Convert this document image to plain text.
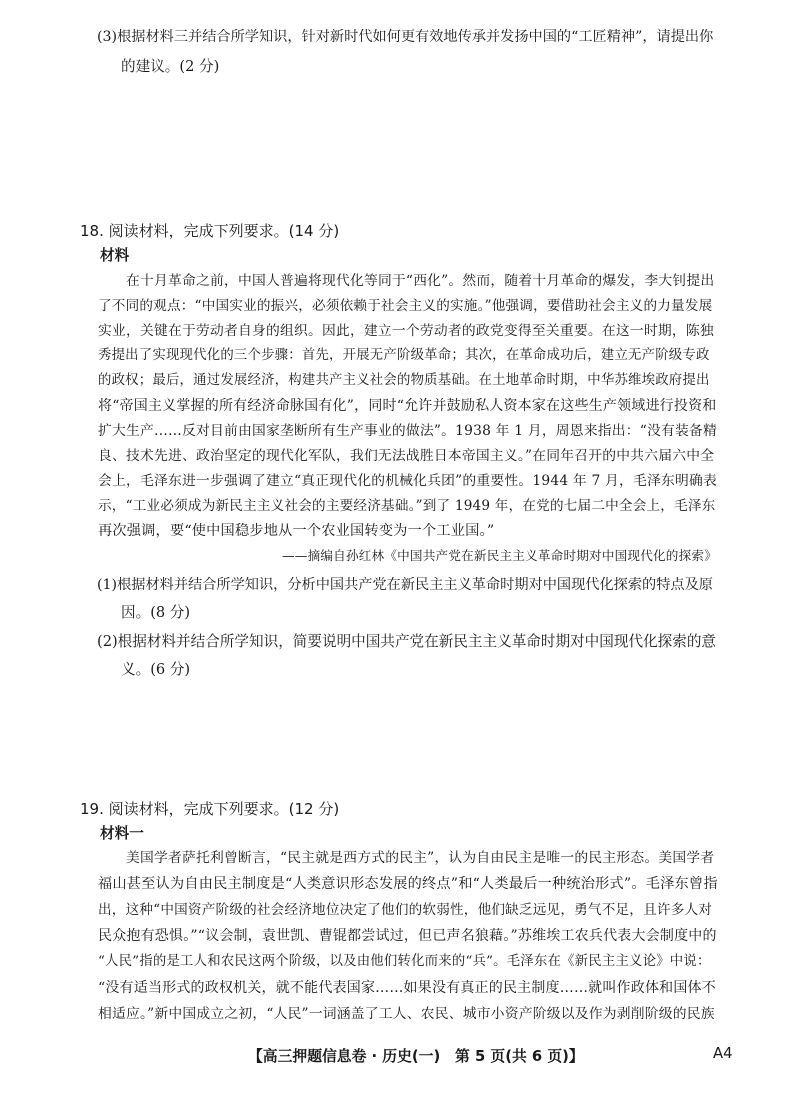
(3)根据材料三并结合所学知识，针对新时代如何更有效地传承并发扬中国的“工匠精神”，请提出你
的建议。(2 分)
18. 阅读材料，完成下列要求。(14 分)
材料
在十月革命之前，中国人普遍将现代化等同于“西化”。然而，随着十月革命的爆发，李大钊提出
了不同的观点：“中国实业的振兴，必须依赖于社会主义的实施。”他强调，要借助社会主义的力量发展
实业，关键在于劳动者自身的组织。因此，建立一个劳动者的政党变得至关重要。在这一时期，陈独
秀提出了实现现代化的三个步骤：首先，开展无产阶级革命；其次，在革命成功后，建立无产阶级专政
的政权；最后，通过发展经济，构建共产主义社会的物质基础。在土地革命时期，中华苏维埃政府提出
将“帝国主义掌握的所有经济命脉国有化”，同时“允许并鼓励私人资本家在这些生产领域进行投资和
扩大生产……反对目前由国家垄断所有生产事业的做法”。1938 年 1 月，周恩来指出：“没有装备精
良、技术先进、政治坚定的现代化军队，我们无法战胜日本帝国主义。”在同年召开的中共六届六中全
会上，毛泽东进一步强调了建立“真正现代化的机械化兵团”的重要性。1944 年 7 月，毛泽东明确表
示，“工业必须成为新民主主义社会的主要经济基础。”到了 1949 年，在党的七届二中全会上，毛泽东
再次强调，要“使中国稳步地从一个农业国转变为一个工业国。”
——摘编自孙红林《中国共产党在新民主主义革命时期对中国现代化的探索》
(1)根据材料并结合所学知识，分析中国共产党在新民主主义革命时期对中国现代化探索的特点及原
因。(8 分)
(2)根据材料并结合所学知识，简要说明中国共产党在新民主主义革命时期对中国现代化探索的意
义。(6 分)
19. 阅读材料，完成下列要求。(12 分)
材料一
美国学者萨托利曾断言，“民主就是西方式的民主”，认为自由民主是唯一的民主形态。美国学者
福山甚至认为自由民主制度是“人类意识形态发展的终点”和“人类最后一种统治形式”。毛泽东曾指
出，这种“中国资产阶级的社会经济地位决定了他们的软弱性，他们缺乏远见，勇气不足，且许多人对
民众抱有恐惧。”“议会制，袁世凯、曹锟都尝试过，但已声名狼藉。”苏维埃工农兵代表大会制度中的
“人民”指的是工人和农民这两个阶级，以及由他们转化而来的“兵”。毛泽东在《新民主主义论》中说：
“没有适当形式的政权机关，就不能代表国家……如果没有真正的民主制度……就叫作政体和国体不
相适应。”新中国成立之初，“人民”一词涵盖了工人、农民、城市小资产阶级以及作为剥削阶级的民族
【高三押题信息卷 · 历史(一)　第 5 页(共 6 页)】	A4
